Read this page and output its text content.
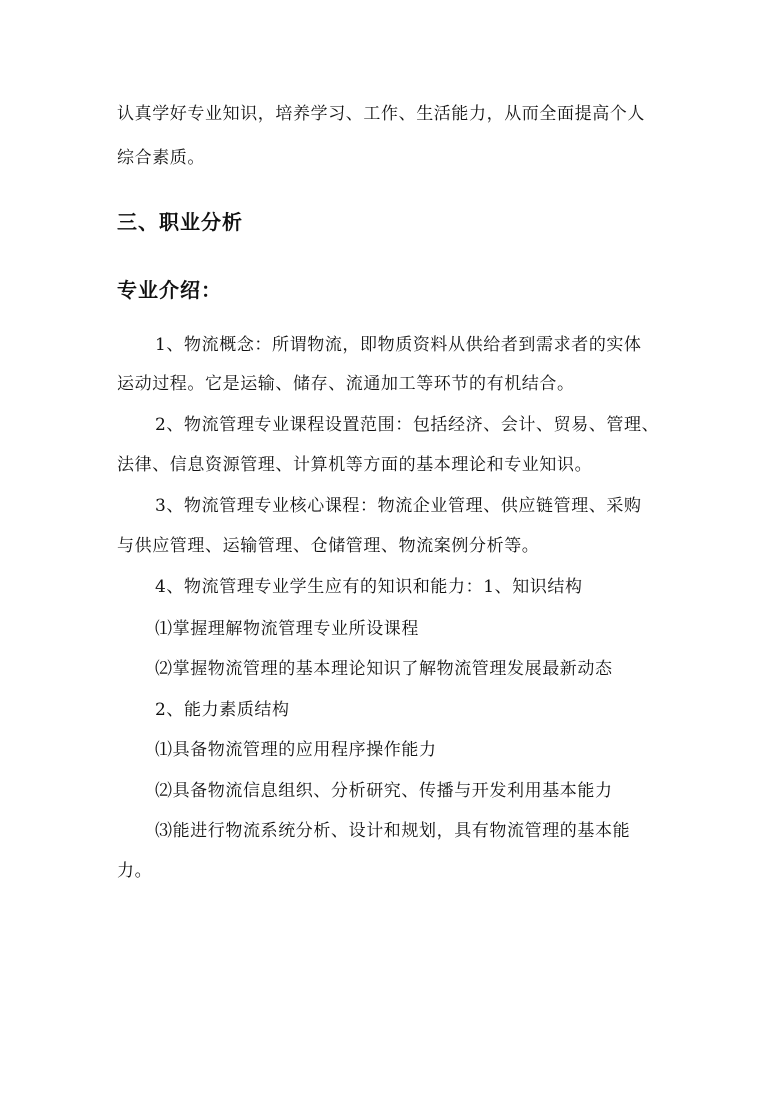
认真学好专业知识，培养学习、工作、生活能力，从而全面提高个人
综合素质。
三、职业分析
专业介绍：
1、物流概念：所谓物流，即物质资料从供给者到需求者的实体
运动过程。它是运输、储存、流通加工等环节的有机结合。
2、物流管理专业课程设置范围：包括经济、会计、贸易、管理、
法律、信息资源管理、计算机等方面的基本理论和专业知识。
3、物流管理专业核心课程：物流企业管理、供应链管理、采购
与供应管理、运输管理、仓储管理、物流案例分析等。
4、物流管理专业学生应有的知识和能力：1、知识结构
⑴掌握理解物流管理专业所设课程
⑵掌握物流管理的基本理论知识了解物流管理发展最新动态
2、能力素质结构
⑴具备物流管理的应用程序操作能力
⑵具备物流信息组织、分析研究、传播与开发利用基本能力
⑶能进行物流系统分析、设计和规划，具有物流管理的基本能
力。
